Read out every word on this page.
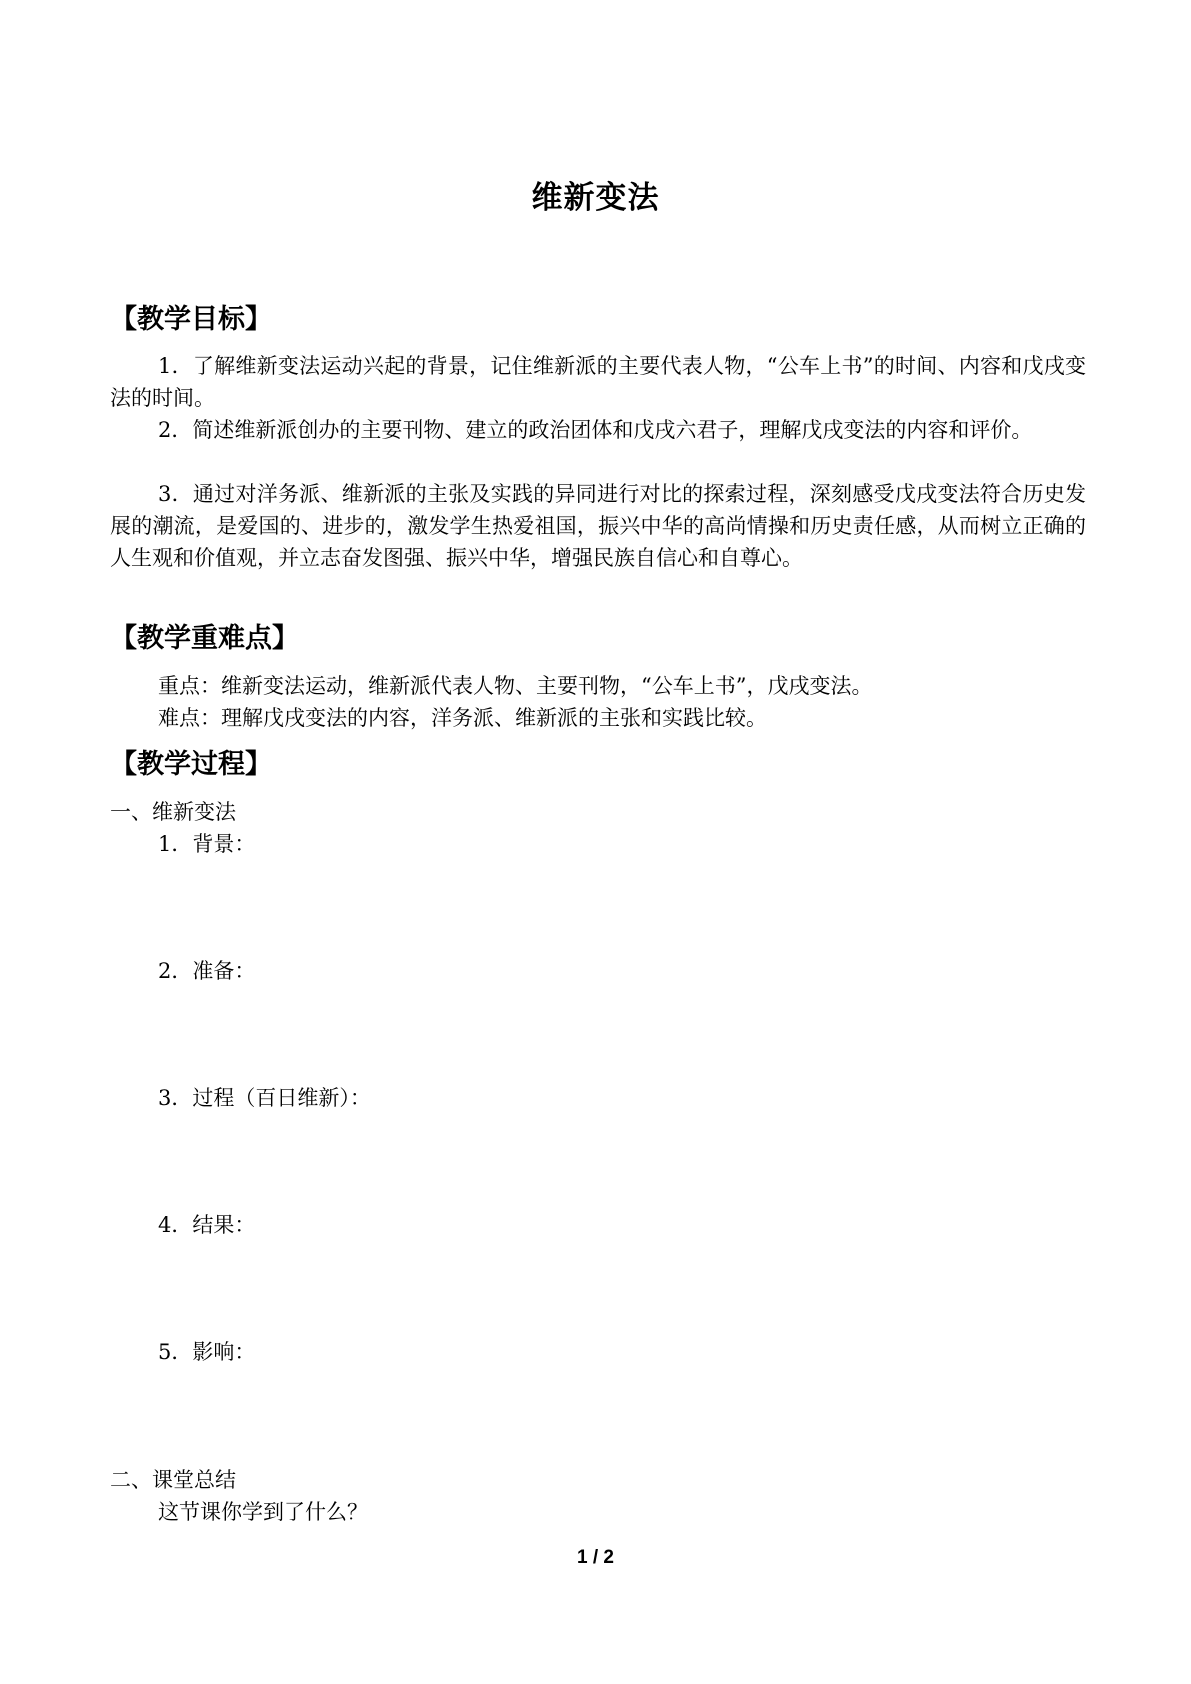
维新变法
【教学目标】
1．了解维新变法运动兴起的背景，记住维新派的主要代表人物，“公车上书”的时间、内容和戊戌变法的时间。
2．简述维新派创办的主要刊物、建立的政治团体和戊戌六君子，理解戊戌变法的内容和评价。
3．通过对洋务派、维新派的主张及实践的异同进行对比的探索过程，深刻感受戊戌变法符合历史发展的潮流，是爱国的、进步的，激发学生热爱祖国，振兴中华的高尚情操和历史责任感，从而树立正确的人生观和价值观，并立志奋发图强、振兴中华，增强民族自信心和自尊心。
【教学重难点】
重点：维新变法运动，维新派代表人物、主要刊物，“公车上书”，戊戌变法。
难点：理解戊戌变法的内容，洋务派、维新派的主张和实践比较。
【教学过程】
一、维新变法
1．背景：
2．准备：
3．过程（百日维新）：
4．结果：
5．影响：
二、课堂总结
这节课你学到了什么？
1 / 2
